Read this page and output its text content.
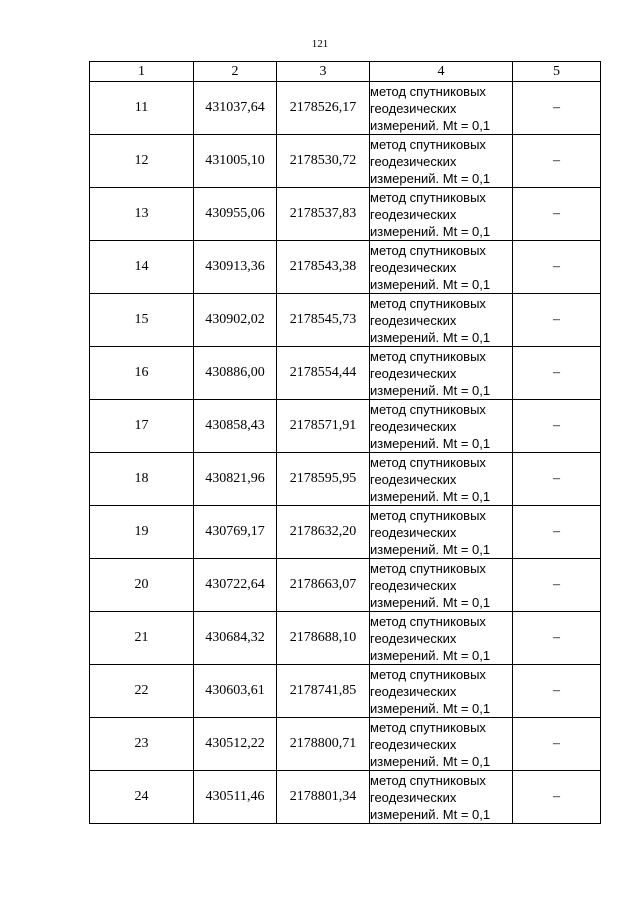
121
1	2	3	4	5
11	431037,64	2178526,17	метод спутниковых
геодезических
измерений. Mt = 0,1	–
12	431005,10	2178530,72	метод спутниковых
геодезических
измерений. Mt = 0,1	–
13	430955,06	2178537,83	метод спутниковых
геодезических
измерений. Mt = 0,1	–
14	430913,36	2178543,38	метод спутниковых
геодезических
измерений. Mt = 0,1	–
15	430902,02	2178545,73	метод спутниковых
геодезических
измерений. Mt = 0,1	–
16	430886,00	2178554,44	метод спутниковых
геодезических
измерений. Mt = 0,1	–
17	430858,43	2178571,91	метод спутниковых
геодезических
измерений. Mt = 0,1	–
18	430821,96	2178595,95	метод спутниковых
геодезических
измерений. Mt = 0,1	–
19	430769,17	2178632,20	метод спутниковых
геодезических
измерений. Mt = 0,1	–
20	430722,64	2178663,07	метод спутниковых
геодезических
измерений. Mt = 0,1	–
21	430684,32	2178688,10	метод спутниковых
геодезических
измерений. Mt = 0,1	–
22	430603,61	2178741,85	метод спутниковых
геодезических
измерений. Mt = 0,1	–
23	430512,22	2178800,71	метод спутниковых
геодезических
измерений. Mt = 0,1	–
24	430511,46	2178801,34	метод спутниковых
геодезических
измерений. Mt = 0,1	–
